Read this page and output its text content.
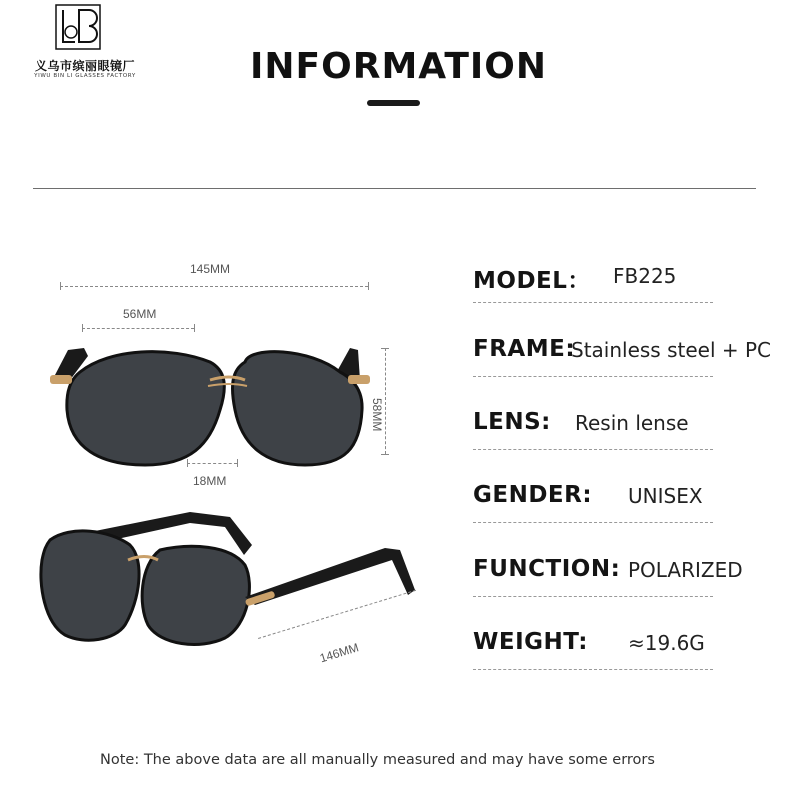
义乌市缤丽眼镜厂
YIWU BIN LI GLASSES FACTORY	INFORMATION
145MM
56MM
58MM
18MM
146MM
MODEL： FB225
FRAME:
Stainless steel + PC
LENS: Resin lense
GENDER: UNISEX
FUNCTION: POLARIZED
WEIGHT: ≈19.6G
Note: The above data are all manually measured and may have some errors
